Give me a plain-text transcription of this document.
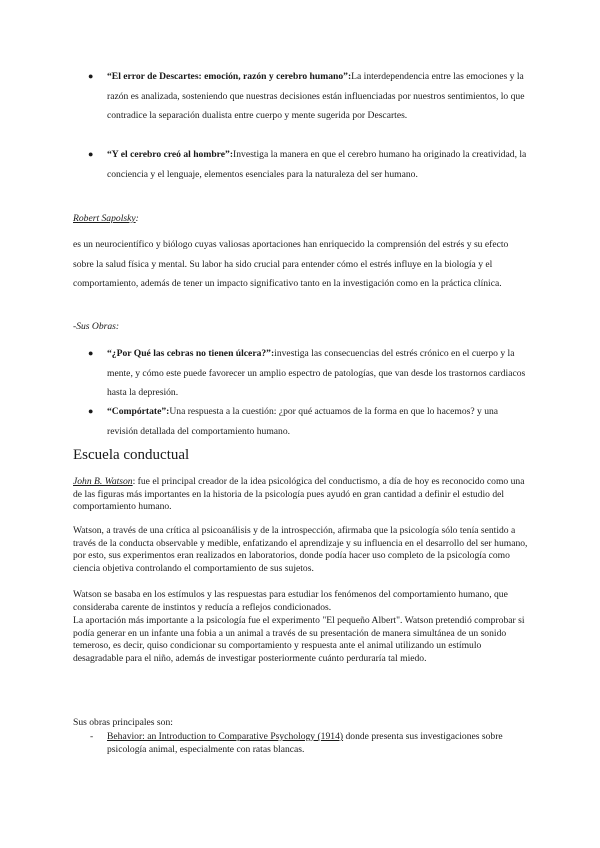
● “El error de Descartes: emoción, razón y cerebro humano”:La interdependencia entre las emociones y la razón es analizada, sosteniendo que nuestras decisiones están influenciadas por nuestros sentimientos, lo que contradice la separación dualista entre cuerpo y mente sugerida por Descartes.
● “Y el cerebro creó al hombre”:Investiga la manera en que el cerebro humano ha originado la creatividad, la conciencia y el lenguaje, elementos esenciales para la naturaleza del ser humano.
Robert Sapolsky:
es un neurocientífico y biólogo cuyas valiosas aportaciones han enriquecido la comprensión del estrés y su efecto sobre la salud física y mental. Su labor ha sido crucial para entender cómo el estrés influye en la biología y el comportamiento, además de tener un impacto significativo tanto en la investigación como en la práctica clínica.
-Sus Obras:
● “¿Por Qué las cebras no tienen úlcera?”:investiga las consecuencias del estrés crónico en el cuerpo y la mente, y cómo este puede favorecer un amplio espectro de patologías, que van desde los trastornos cardiacos hasta la depresión.
● “Compórtate”:Una respuesta a la cuestión: ¿por qué actuamos de la forma en que lo hacemos? y una revisión detallada del comportamiento humano.
Escuela conductual
John B. Watson: fue el principal creador de la idea psicológica del conductismo, a día de hoy es reconocido como una de las figuras más importantes en la historia de la psicología pues ayudó en gran cantidad a definir el estudio del comportamiento humano.
Watson, a través de una crítica al psicoanálisis y de la introspección, afirmaba que la psicología sólo tenía sentido a través de la conducta observable y medible, enfatizando el aprendizaje y su influencia en el desarrollo del ser humano, por esto, sus experimentos eran realizados en laboratorios, donde podía hacer uso completo de la psicología como ciencia objetiva controlando el comportamiento de sus sujetos.
Watson se basaba en los estímulos y las respuestas para estudiar los fenómenos del comportamiento humano, que consideraba carente de instintos y reducía a reflejos condicionados.
La aportación más importante a la psicología fue el experimento "El pequeño Albert". Watson pretendió comprobar si podía generar en un infante una fobia a un animal a través de su presentación de manera simultánea de un sonido temeroso, es decir, quiso condicionar su comportamiento y respuesta ante el animal utilizando un estímulo desagradable para el niño, además de investigar posteriormente cuánto perduraría tal miedo.
Sus obras principales son:
- Behavior: an Introduction to Comparative Psychology (1914) donde presenta sus investigaciones sobre psicología animal, especialmente con ratas blancas.
